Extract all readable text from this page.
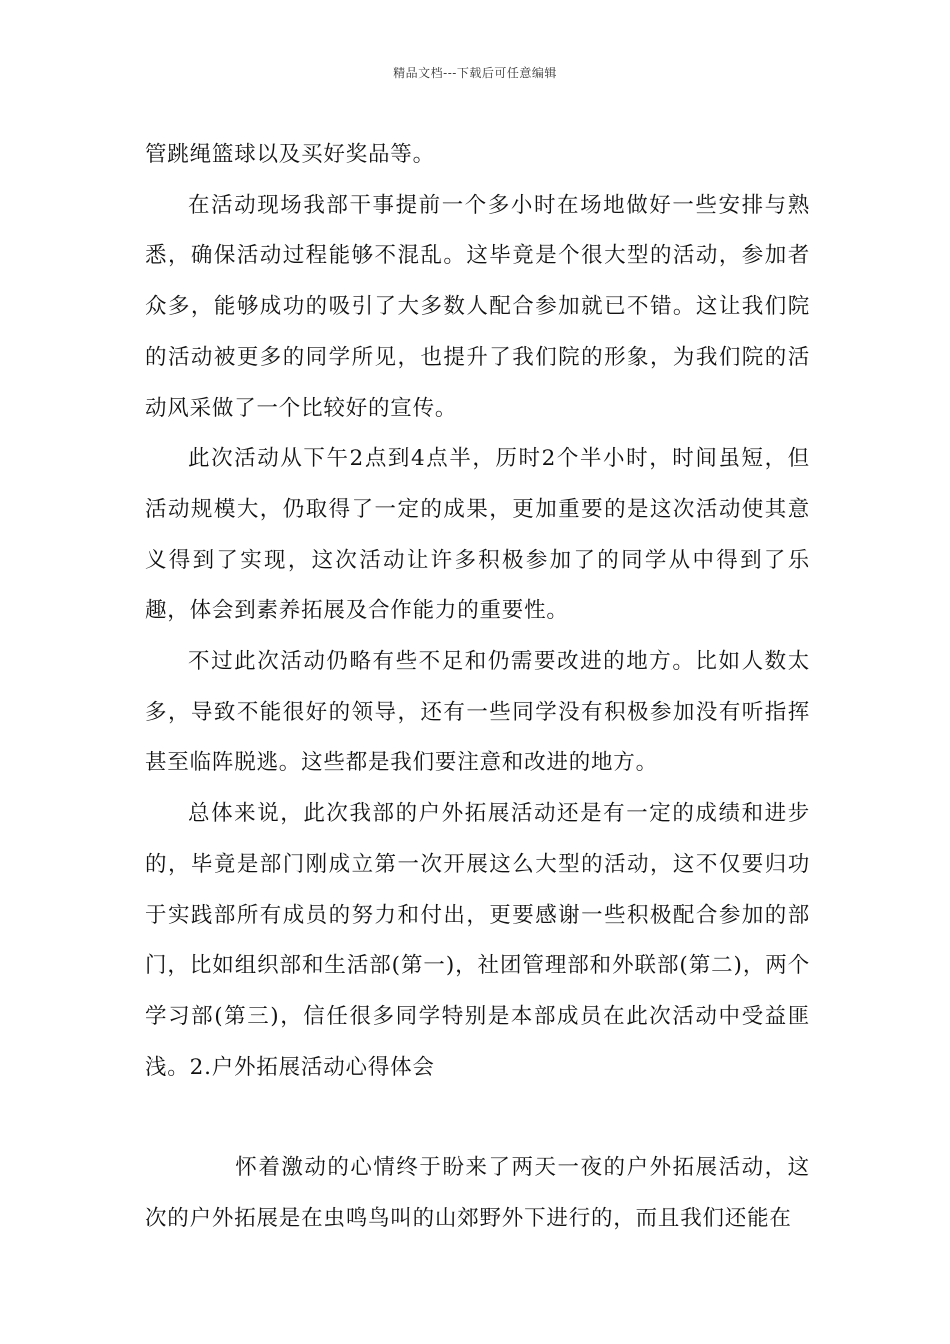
精品文档---下载后可任意编辑

管跳绳篮球以及买好奖品等。

在活动现场我部干事提前一个多小时在场地做好一些安排与熟悉，确保活动过程能够不混乱。这毕竟是个很大型的活动，参加者众多，能够成功的吸引了大多数人配合参加就已不错。这让我们院的活动被更多的同学所见，也提升了我们院的形象，为我们院的活动风采做了一个比较好的宣传。

此次活动从下午2点到4点半，历时2个半小时，时间虽短，但活动规模大，仍取得了一定的成果，更加重要的是这次活动使其意义得到了实现，这次活动让许多积极参加了的同学从中得到了乐趣，体会到素养拓展及合作能力的重要性。

不过此次活动仍略有些不足和仍需要改进的地方。比如人数太多，导致不能很好的领导，还有一些同学没有积极参加没有听指挥甚至临阵脱逃。这些都是我们要注意和改进的地方。

总体来说，此次我部的户外拓展活动还是有一定的成绩和进步的，毕竟是部门刚成立第一次开展这么大型的活动，这不仅要归功于实践部所有成员的努力和付出，更要感谢一些积极配合参加的部门，比如组织部和生活部(第一)，社团管理部和外联部(第二)，两个学习部(第三)，信任很多同学特别是本部成员在此次活动中受益匪浅。2.户外拓展活动心得体会

怀着激动的心情终于盼来了两天一夜的户外拓展活动，这次的户外拓展是在虫鸣鸟叫的山郊野外下进行的，而且我们还能在
